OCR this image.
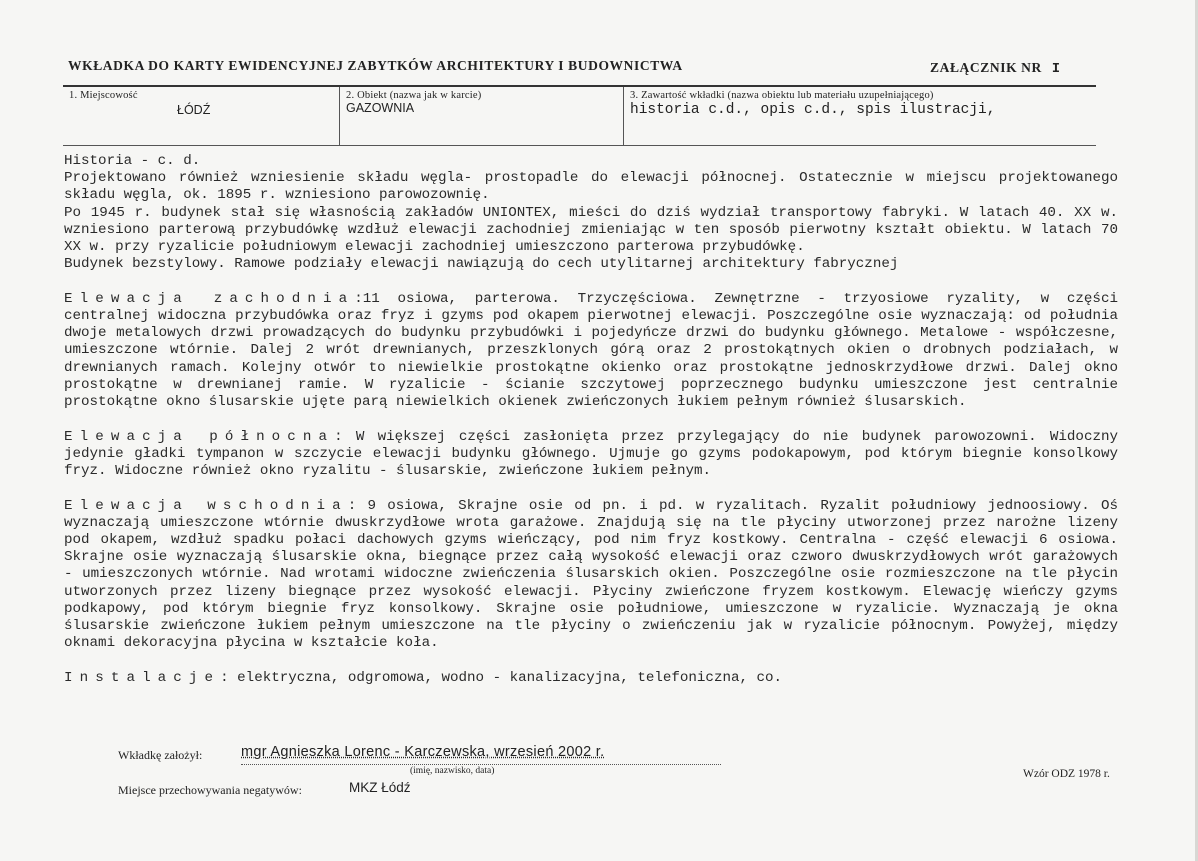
WKŁADKA DO KARTY EWIDENCYJNEJ ZABYTKÓW ARCHITEKTURY I BUDOWNICTWA	ZAŁĄCZNIK NR I
1. Miejscowość
ŁÓDŹ
2. Obiekt (nazwa jak w karcie)
GAZOWNIA
3. Zawartość wkładki (nazwa obiektu lub materiału uzupełniającego)
historia c.d., opis c.d., spis ilustracji,

Historia - c. d.

Projektowano również wzniesienie składu węgla- prostopadle do elewacji północnej. Ostatecznie w miejscu projektowanego składu węgla, ok. 1895 r. wzniesiono parowozownię.

Po 1945 r. budynek stał się własnością zakładów UNIONTEX, mieści do dziś wydział transportowy fabryki. W latach 40. XX w. wzniesiono parterową przybudówkę wzdłuż elewacji zachodniej zmieniając w ten sposób pierwotny kształt obiektu. W latach 70 XX w. przy ryzalicie południowym elewacji zachodniej umieszczono parterowa przybudówkę.

Budynek bezstylowy. Ramowe podziały elewacji nawiązują do cech utylitarnej architektury fabrycznej

Elewacja zachodnia:11 osiowa, parterowa. Trzyczęściowa. Zewnętrzne - trzyosiowe ryzality, w części centralnej widoczna przybudówka oraz fryz i gzyms pod okapem pierwotnej elewacji. Poszczególne osie wyznaczają: od południa dwoje metalowych drzwi prowadzących do budynku przybudówki i pojedyńcze drzwi do budynku głównego. Metalowe - współczesne, umieszczone wtórnie. Dalej 2 wrót drewnianych, przeszklonych górą oraz 2 prostokątnych okien o drobnych podziałach, w drewnianych ramach. Kolejny otwór to niewielkie prostokątne okienko oraz prostokątne jednoskrzydłowe drzwi. Dalej okno prostokątne w drewnianej ramie. W ryzalicie - ścianie szczytowej poprzecznego budynku umieszczone jest centralnie prostokątne okno ślusarskie ujęte parą niewielkich okienek zwieńczonych łukiem pełnym również ślusarskich.

Elewacja północna: W większej części zasłonięta przez przylegający do nie budynek parowozowni. Widoczny jedynie gładki tympanon w szczycie elewacji budynku głównego. Ujmuje go gzyms podokapowym, pod którym biegnie konsolkowy fryz. Widoczne również okno ryzalitu - ślusarskie, zwieńczone łukiem pełnym.

Elewacja wschodnia: 9 osiowa, Skrajne osie od pn. i pd. w ryzalitach. Ryzalit południowy jednoosiowy. Oś wyznaczają umieszczone wtórnie dwuskrzydłowe wrota garażowe. Znajdują się na tle płyciny utworzonej przez narożne lizeny pod okapem, wzdłuż spadku połaci dachowych gzyms wieńczący, pod nim fryz kostkowy. Centralna - część elewacji 6 osiowa. Skrajne osie wyznaczają ślusarskie okna, biegnące przez całą wysokość elewacji oraz czworo dwuskrzydłowych wrót garażowych - umieszczonych wtórnie. Nad wrotami widoczne zwieńczenia ślusarskich okien. Poszczególne osie rozmieszczone na tle płycin utworzonych przez lizeny biegnące przez wysokość elewacji. Płyciny zwieńczone fryzem kostkowym. Elewację wieńczy gzyms podkapowy, pod którym biegnie fryz konsolkowy. Skrajne osie południowe, umieszczone w ryzalicie. Wyznaczają je okna ślusarskie zwieńczone łukiem pełnym umieszczone na tle płyciny o zwieńczeniu jak w ryzalicie północnym. Powyżej, między oknami dekoracyjna płycina w kształcie koła.

Instalacje: elektryczna, odgromowa, wodno - kanalizacyjna, telefoniczna, co.

Wkładkę założył:	mgr Agnieszka Lorenc - Karczewska, wrzesień 2002 r.
(imię, nazwisko, data)
Miejsce przechowywania negatywów:	MKZ Łódź
Wzór ODZ 1978 r.
